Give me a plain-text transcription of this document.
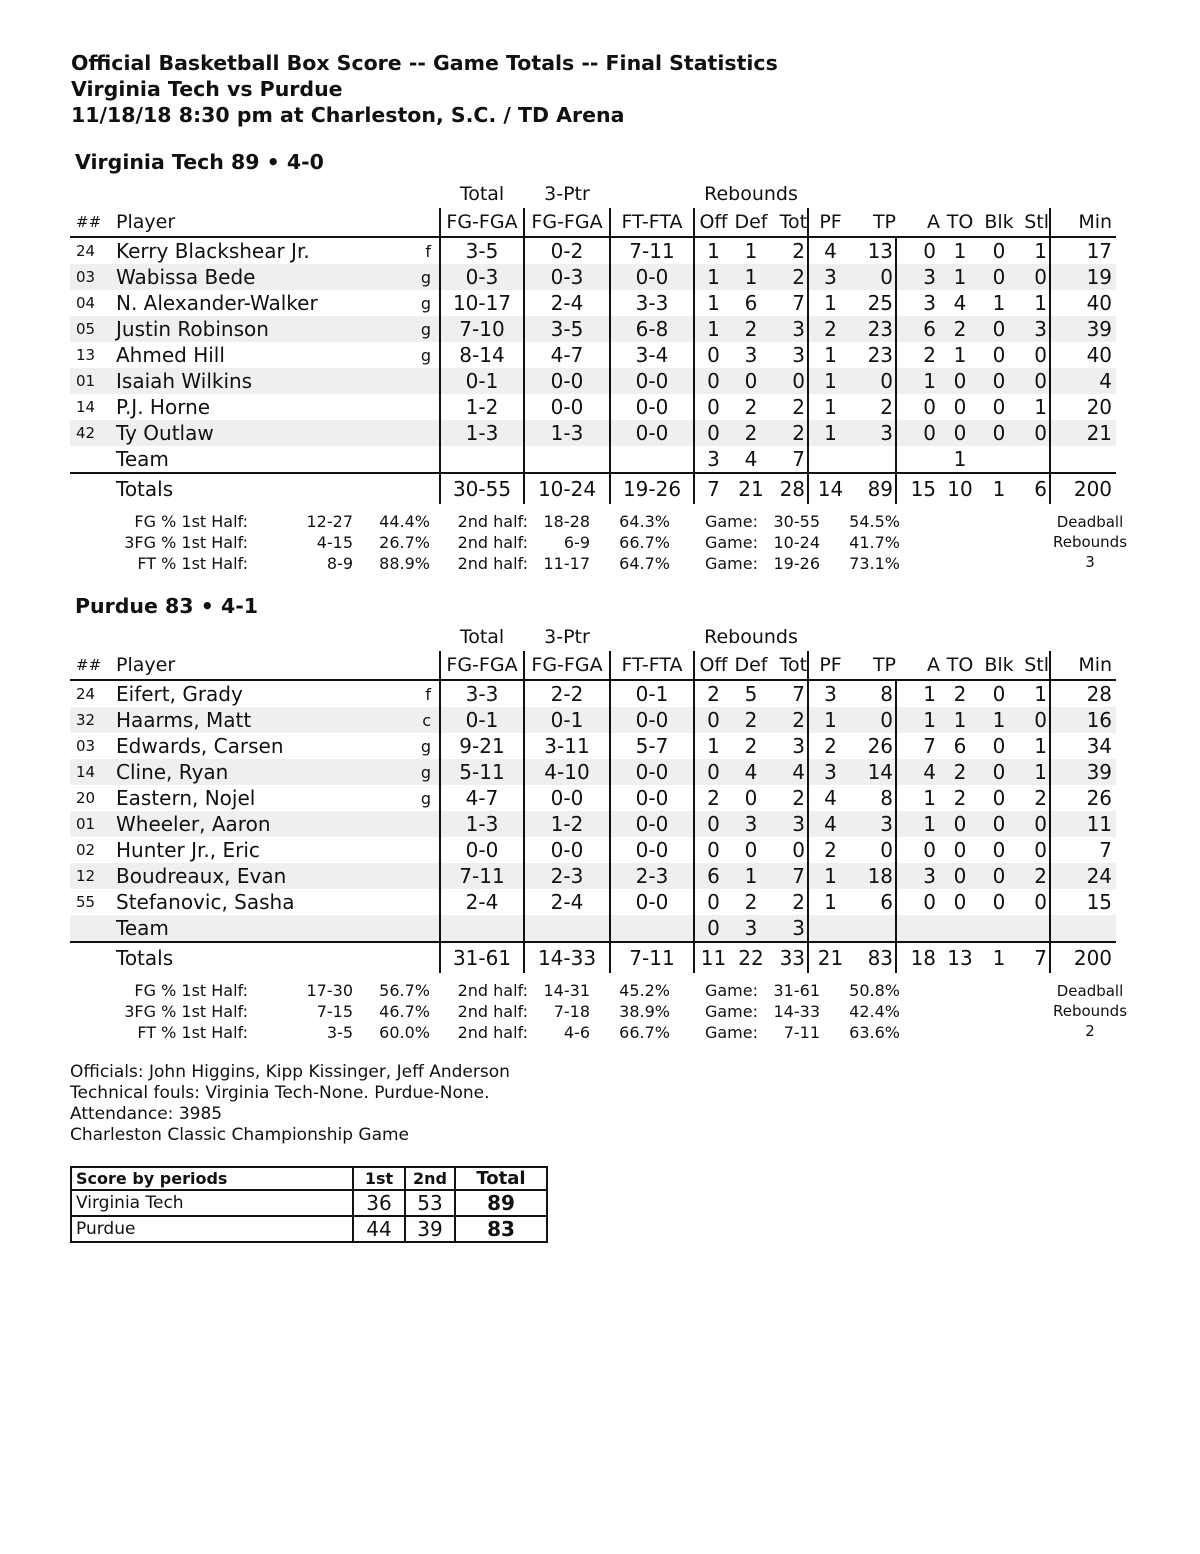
Official Basketball Box Score -- Game Totals -- Final Statistics
Virginia Tech vs Purdue
11/18/18 8:30 pm at Charleston, S.C. / TD Arena
Virginia Tech 89 • 4-0
			Total	3-Ptr		Rebounds									
##	Player		FG-FGA	FG-FGA	FT-FTA	Off	Def	Tot	PF	TP	A	TO	Blk	Stl	Min
24	Kerry Blackshear Jr.	f	3-5	0-2	7-11	1	1	2	4	13	0	1	0	1	17
03	Wabissa Bede	g	0-3	0-3	0-0	1	1	2	3	0	3	1	0	0	19
04	N. Alexander-Walker	g	10-17	2-4	3-3	1	6	7	1	25	3	4	1	1	40
05	Justin Robinson	g	7-10	3-5	6-8	1	2	3	2	23	6	2	0	3	39
13	Ahmed Hill	g	8-14	4-7	3-4	0	3	3	1	23	2	1	0	0	40
01	Isaiah Wilkins		0-1	0-0	0-0	0	0	0	1	0	1	0	0	0	4
14	P.J. Horne		1-2	0-0	0-0	0	2	2	1	2	0	0	0	1	20
42	Ty Outlaw		1-3	1-3	0-0	0	2	2	1	3	0	0	0	0	21
	Team					3	4	7				1			
	Totals		30-55	10-24	19-26	7	21	28	14	89	15	10	1	6	200
FG % 1st Half:	12-27	44.4%	2nd half: 18-28	64.3%	Game: 30-55	54.5%
3FG % 1st Half:	4-15	26.7%	2nd half:	6-9	66.7%	Game: 10-24	41.7%
FT % 1st Half:	8-9	88.9%	2nd half: 11-17	64.7%	Game: 19-26	73.1%
Deadball
Rebounds
3
Purdue 83 • 4-1
			Total	3-Ptr		Rebounds									
##	Player		FG-FGA	FG-FGA	FT-FTA	Off	Def	Tot	PF	TP	A	TO	Blk	Stl	Min
24	Eifert, Grady	f	3-3	2-2	0-1	2	5	7	3	8	1	2	0	1	28
32	Haarms, Matt	c	0-1	0-1	0-0	0	2	2	1	0	1	1	1	0	16
03	Edwards, Carsen	g	9-21	3-11	5-7	1	2	3	2	26	7	6	0	1	34
14	Cline, Ryan	g	5-11	4-10	0-0	0	4	4	3	14	4	2	0	1	39
20	Eastern, Nojel	g	4-7	0-0	0-0	2	0	2	4	8	1	2	0	2	26
01	Wheeler, Aaron		1-3	1-2	0-0	0	3	3	4	3	1	0	0	0	11
02	Hunter Jr., Eric		0-0	0-0	0-0	0	0	0	2	0	0	0	0	0	7
12	Boudreaux, Evan		7-11	2-3	2-3	6	1	7	1	18	3	0	0	2	24
55	Stefanovic, Sasha		2-4	2-4	0-0	0	2	2	1	6	0	0	0	0	15
	Team					0	3	3							
	Totals		31-61	14-33	7-11	11	22	33	21	83	18	13	1	7	200
FG % 1st Half:	17-30	56.7%	2nd half: 14-31	45.2%	Game: 31-61	50.8%
3FG % 1st Half:	7-15	46.7%	2nd half:	7-18	38.9%	Game: 14-33	42.4%
FT % 1st Half:	3-5	60.0%	2nd half:	4-6	66.7%	Game:	7-11	63.6%
Deadball
Rebounds
2
Officials: John Higgins, Kipp Kissinger, Jeff Anderson
Technical fouls: Virginia Tech-None. Purdue-None.
Attendance: 3985
Charleston Classic Championship Game
Score by periods	1st	2nd	Total
Virginia Tech	36	53	89
Purdue	44	39	83
